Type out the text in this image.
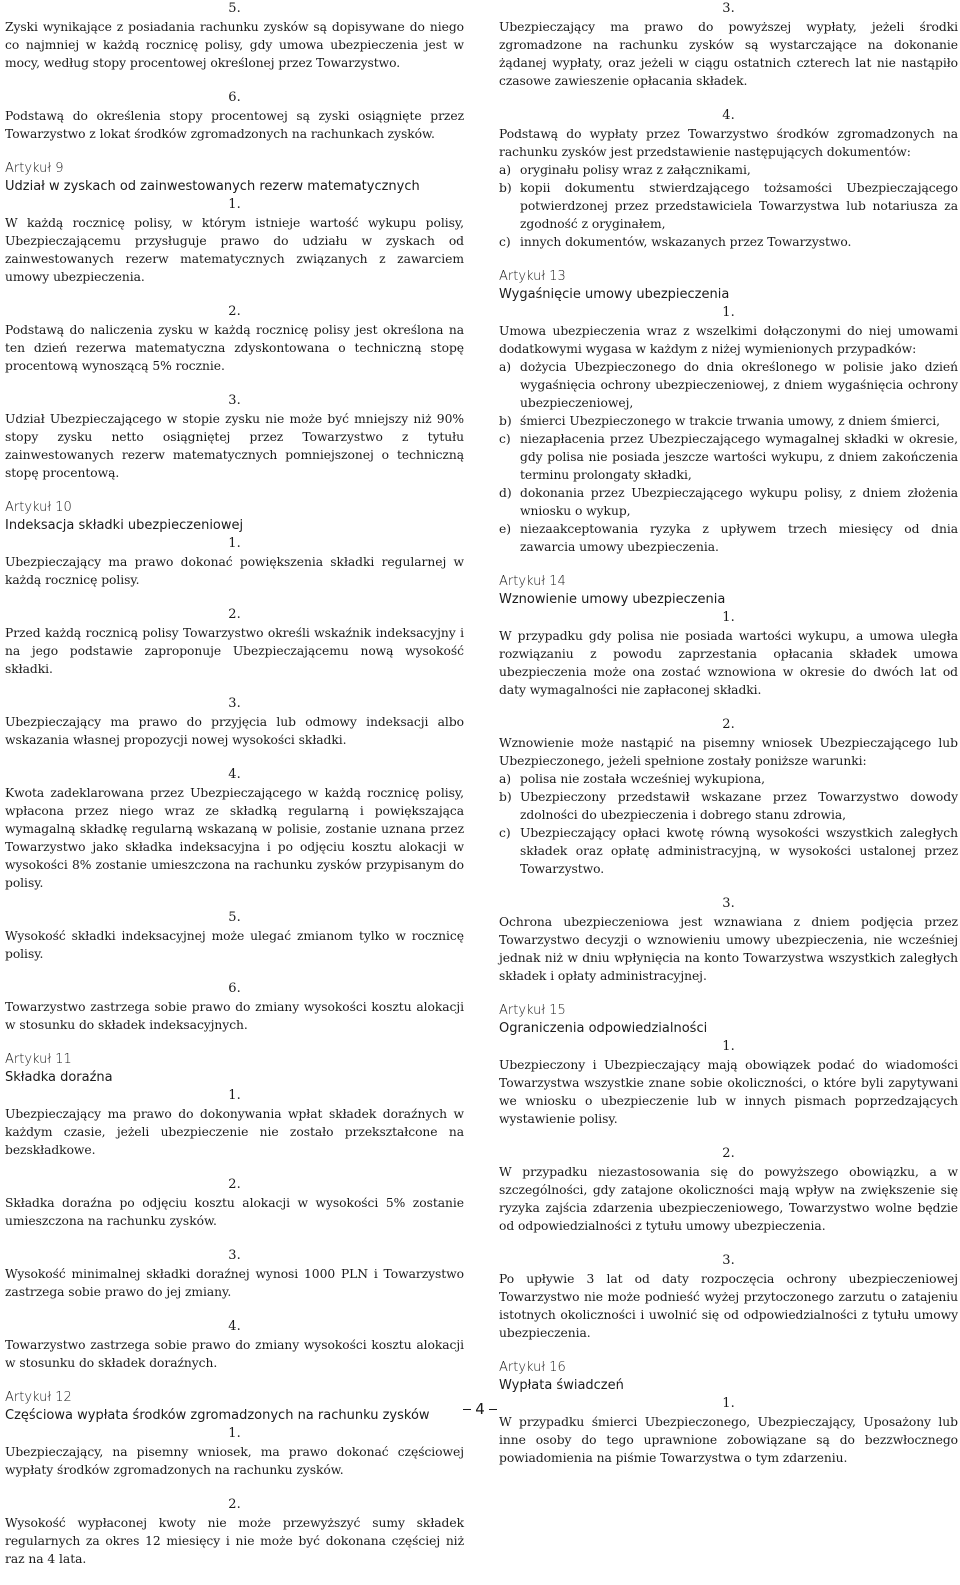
5.

Zyski wynikające z posiadania rachunku zysków są dopisywane do niego co najmniej w każdą rocznicę polisy, gdy umowa ubezpieczenia jest w mocy, według stopy procentowej określonej przez Towarzystwo.

6.

Podstawą do określenia stopy procentowej są zyski osiągnięte przez Towarzystwo z lokat środków zgromadzonych na rachunkach zysków.

Artykuł 9

Udział w zyskach od zainwestowanych rezerw matematycznych

1.

W każdą rocznicę polisy, w którym istnieje wartość wykupu polisy, Ubezpieczającemu przysługuje prawo do udziału w zyskach od zainwestowanych rezerw matematycznych związanych z zawarciem umowy ubezpieczenia.

2.

Podstawą do naliczenia zysku w każdą rocznicę polisy jest określona na ten dzień rezerwa matematyczna zdyskontowana o techniczną stopę procentową wynoszącą 5% rocznie.

3.

Udział Ubezpieczającego w stopie zysku nie może być mniejszy niż 90% stopy zysku netto osiągniętej przez Towarzystwo z tytułu zainwestowanych rezerw matematycznych pomniejszonej o techniczną stopę procentową.

Artykuł 10

Indeksacja składki ubezpieczeniowej

1.

Ubezpieczający ma prawo dokonać powiększenia składki regularnej w każdą rocznicę polisy.

2.

Przed każdą rocznicą polisy Towarzystwo określi wskaźnik indeksacyjny i na jego podstawie zaproponuje Ubezpieczającemu nową wysokość składki.

3.

Ubezpieczający ma prawo do przyjęcia lub odmowy indeksacji albo wskazania własnej propozycji nowej wysokości składki.

4.

Kwota zadeklarowana przez Ubezpieczającego w każdą rocznicę polisy, wpłacona przez niego wraz ze składką regularną i powiększająca wymagalną składkę regularną wskazaną w polisie, zostanie uznana przez Towarzystwo jako składka indeksacyjna i po odjęciu kosztu alokacji w wysokości 8% zostanie umieszczona na rachunku zysków przypisanym do polisy.

5.

Wysokość składki indeksacyjnej może ulegać zmianom tylko w rocznicę polisy.

6.

Towarzystwo zastrzega sobie prawo do zmiany wysokości kosztu alokacji w stosunku do składek indeksacyjnych.

Artykuł 11

Składka doraźna

1.

Ubezpieczający ma prawo do dokonywania wpłat składek doraźnych w każdym czasie, jeżeli ubezpieczenie nie zostało przekształcone na bezskładkowe.

2.

Składka doraźna po odjęciu kosztu alokacji w wysokości 5% zostanie umieszczona na rachunku zysków.

3.

Wysokość minimalnej składki doraźnej wynosi 1000 PLN i Towarzystwo zastrzega sobie prawo do jej zmiany.

4.

Towarzystwo zastrzega sobie prawo do zmiany wysokości kosztu alokacji w stosunku do składek doraźnych.

Artykuł 12

Częściowa wypłata środków zgromadzonych na rachunku zysków

1.

Ubezpieczający, na pisemny wniosek, ma prawo dokonać częściowej wypłaty środków zgromadzonych na rachunku zysków.

2.

Wysokość wypłaconej kwoty nie może przewyższyć sumy składek regularnych za okres 12 miesięcy i nie może być dokonana częściej niż raz na 4 lata.

3.

Ubezpieczający ma prawo do powyższej wypłaty, jeżeli środki zgromadzone na rachunku zysków są wystarczające na dokonanie żądanej wypłaty, oraz jeżeli w ciągu ostatnich czterech lat nie nastąpiło czasowe zawieszenie opłacania składek.

4.

Podstawą do wypłaty przez Towarzystwo środków zgromadzonych na rachunku zysków jest przedstawienie następujących dokumentów:

a) oryginału polisy wraz z załącznikami,
b) kopii dokumentu stwierdzającego tożsamości Ubezpieczającego potwierdzonej przez przedstawiciela Towarzystwa lub notariusza za zgodność z oryginałem,
c) innych dokumentów, wskazanych przez Towarzystwo.

Artykuł 13

Wygaśnięcie umowy ubezpieczenia

1.

Umowa ubezpieczenia wraz z wszelkimi dołączonymi do niej umowami dodatkowymi wygasa w każdym z niżej wymienionych przypadków:

a) dożycia Ubezpieczonego do dnia określonego w polisie jako dzień wygaśnięcia ochrony ubezpieczeniowej, z dniem wygaśnięcia ochrony ubezpieczeniowej,
b) śmierci Ubezpieczonego w trakcie trwania umowy, z dniem śmierci,
c) niezapłacenia przez Ubezpieczającego wymagalnej składki w okresie, gdy polisa nie posiada jeszcze wartości wykupu, z dniem zakończenia terminu prolongaty składki,
d) dokonania przez Ubezpieczającego wykupu polisy, z dniem złożenia wniosku o wykup,
e) niezaakceptowania ryzyka z upływem trzech miesięcy od dnia zawarcia umowy ubezpieczenia.

Artykuł 14

Wznowienie umowy ubezpieczenia

1.

W przypadku gdy polisa nie posiada wartości wykupu, a umowa uległa rozwiązaniu z powodu zaprzestania opłacania składek umowa ubezpieczenia może ona zostać wznowiona w okresie do dwóch lat od daty wymagalności nie zapłaconej składki.

2.

Wznowienie może nastąpić na pisemny wniosek Ubezpieczającego lub Ubezpieczonego, jeżeli spełnione zostały poniższe warunki:

a) polisa nie została wcześniej wykupiona,
b) Ubezpieczony przedstawił wskazane przez Towarzystwo dowody zdolności do ubezpieczenia i dobrego stanu zdrowia,
c) Ubezpieczający opłaci kwotę równą wysokości wszystkich zaległych składek oraz opłatę administracyjną, w wysokości ustalonej przez Towarzystwo.

3.

Ochrona ubezpieczeniowa jest wznawiana z dniem podjęcia przez Towarzystwo decyzji o wznowieniu umowy ubezpieczenia, nie wcześniej jednak niż w dniu wpłynięcia na konto Towarzystwa wszystkich zaległych składek i opłaty administracyjnej.

Artykuł 15

Ograniczenia odpowiedzialności

1.

Ubezpieczony i Ubezpieczający mają obowiązek podać do wiadomości Towarzystwa wszystkie znane sobie okoliczności, o które byli zapytywani we wniosku o ubezpieczenie lub w innych pismach poprzedzających wystawienie polisy.

2.

W przypadku niezastosowania się do powyższego obowiązku, a w szczególności, gdy zatajone okoliczności mają wpływ na zwiększenie się ryzyka zajścia zdarzenia ubezpieczeniowego, Towarzystwo wolne będzie od odpowiedzialności z tytułu umowy ubezpieczenia.

3.

Po upływie 3 lat od daty rozpoczęcia ochrony ubezpieczeniowej Towarzystwo nie może podnieść wyżej przytoczonego zarzutu o zatajeniu istotnych okoliczności i uwolnić się od odpowiedzialności z tytułu umowy ubezpieczenia.

Artykuł 16

Wypłata świadczeń

1.

W przypadku śmierci Ubezpieczonego, Ubezpieczający, Uposażony lub inne osoby do tego uprawnione zobowiązane są do bezzwłocznego powiadomienia na piśmie Towarzystwa o tym zdarzeniu.

4
